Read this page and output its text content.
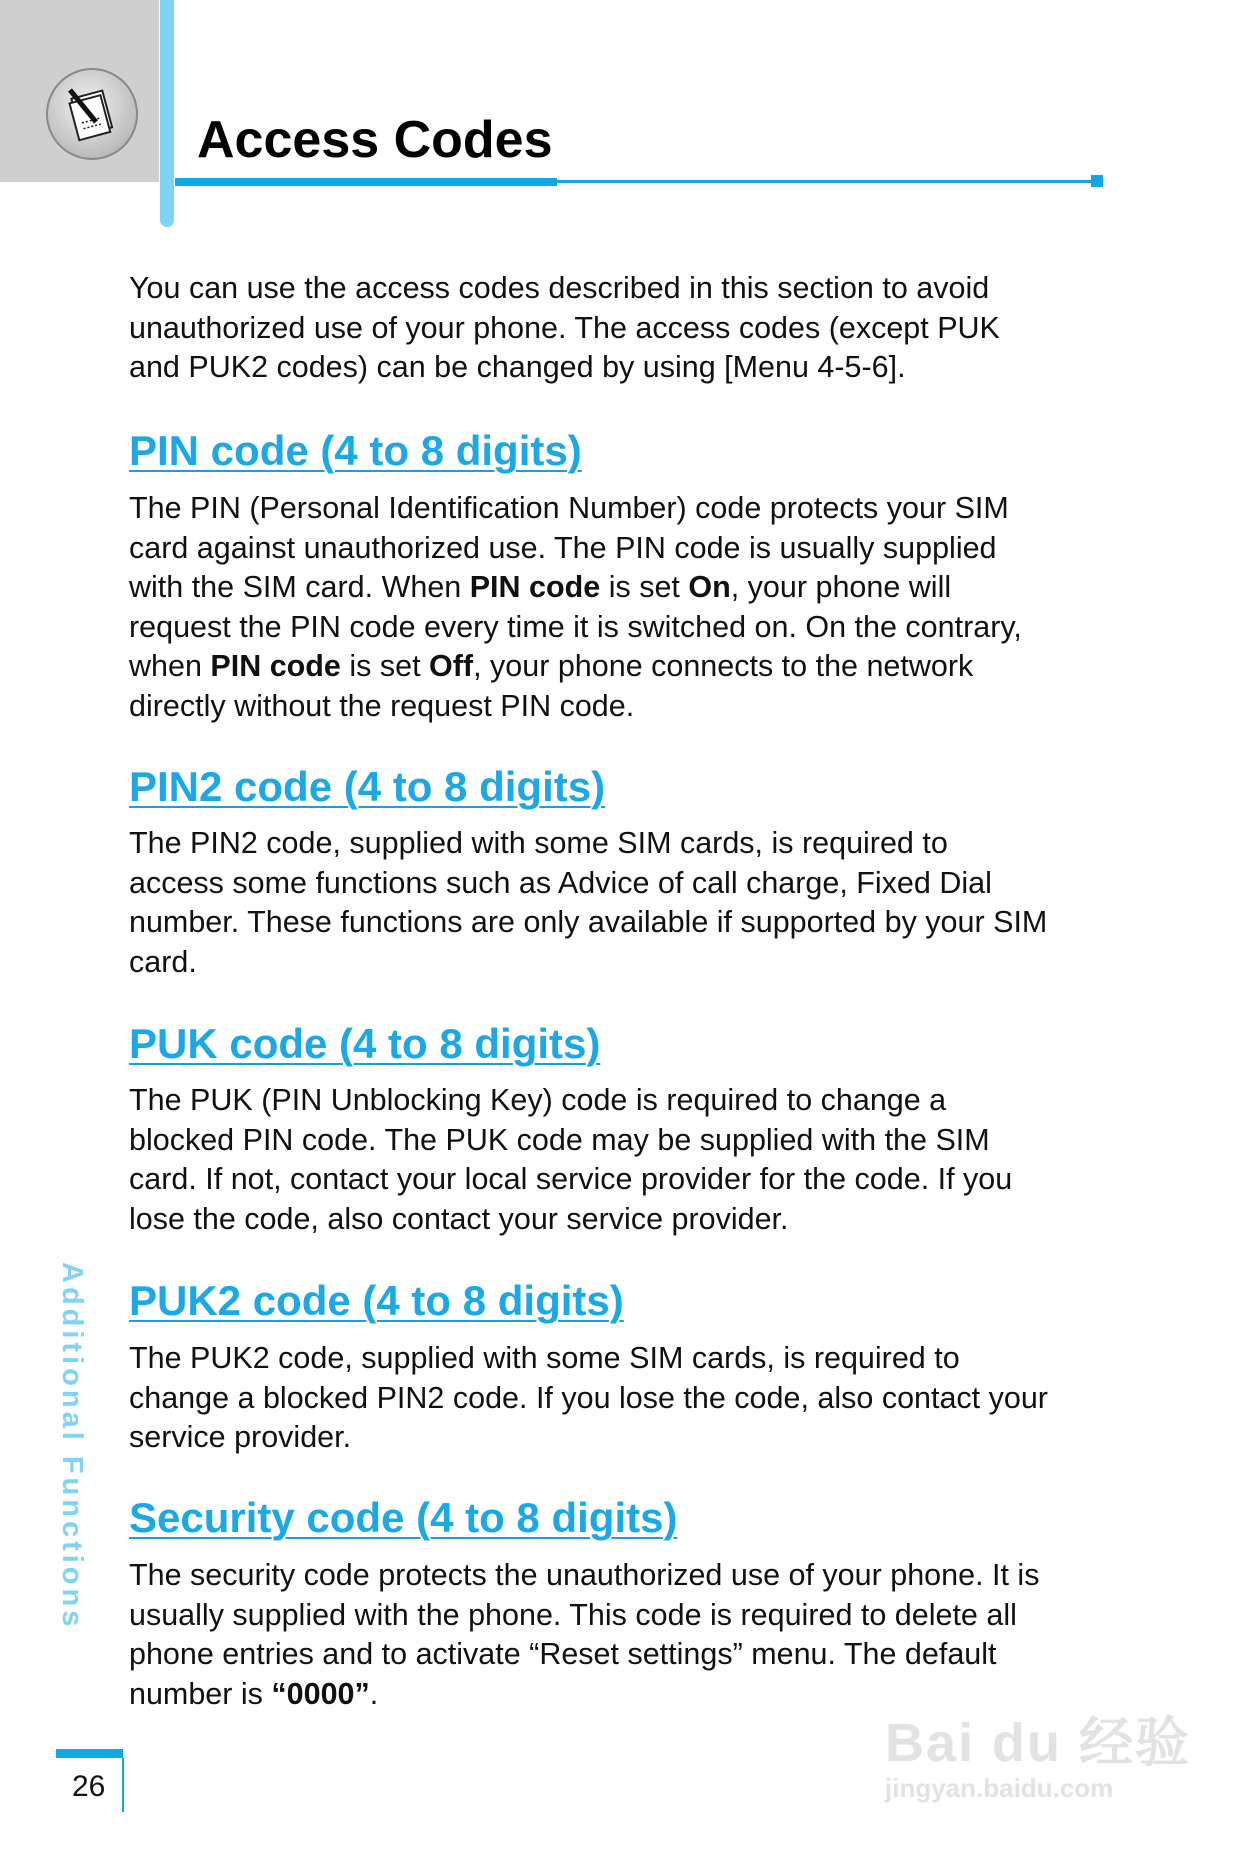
Access Codes
You can use the access codes described in this section to avoid
unauthorized use of your phone. The access codes (except PUK
and PUK2 codes) can be changed by using [Menu 4-5-6].
PIN code (4 to 8 digits)
The PIN (Personal Identification Number) code protects your SIM
card against unauthorized use. The PIN code is usually supplied
with the SIM card. When PIN code is set On, your phone will
request the PIN code every time it is switched on. On the contrary,
when PIN code is set Off, your phone connects to the network
directly without the request PIN code.
PIN2 code (4 to 8 digits)
The PIN2 code, supplied with some SIM cards, is required to
access some functions such as Advice of call charge, Fixed Dial
number. These functions are only available if supported by your SIM
card.
PUK code (4 to 8 digits)
The PUK (PIN Unblocking Key) code is required to change a
blocked PIN code. The PUK code may be supplied with the SIM
card. If not, contact your local service provider for the code. If you
lose the code, also contact your service provider.
PUK2 code (4 to 8 digits)
The PUK2 code, supplied with some SIM cards, is required to
change a blocked PIN2 code. If you lose the code, also contact your
service provider.
Security code (4 to 8 digits)
The security code protects the unauthorized use of your phone. It is
usually supplied with the phone. This code is required to delete all
phone entries and to activate “Reset settings” menu. The default
number is “0000”.
Additional Functions
26
Bai du 经验
jingyan.baidu.com
